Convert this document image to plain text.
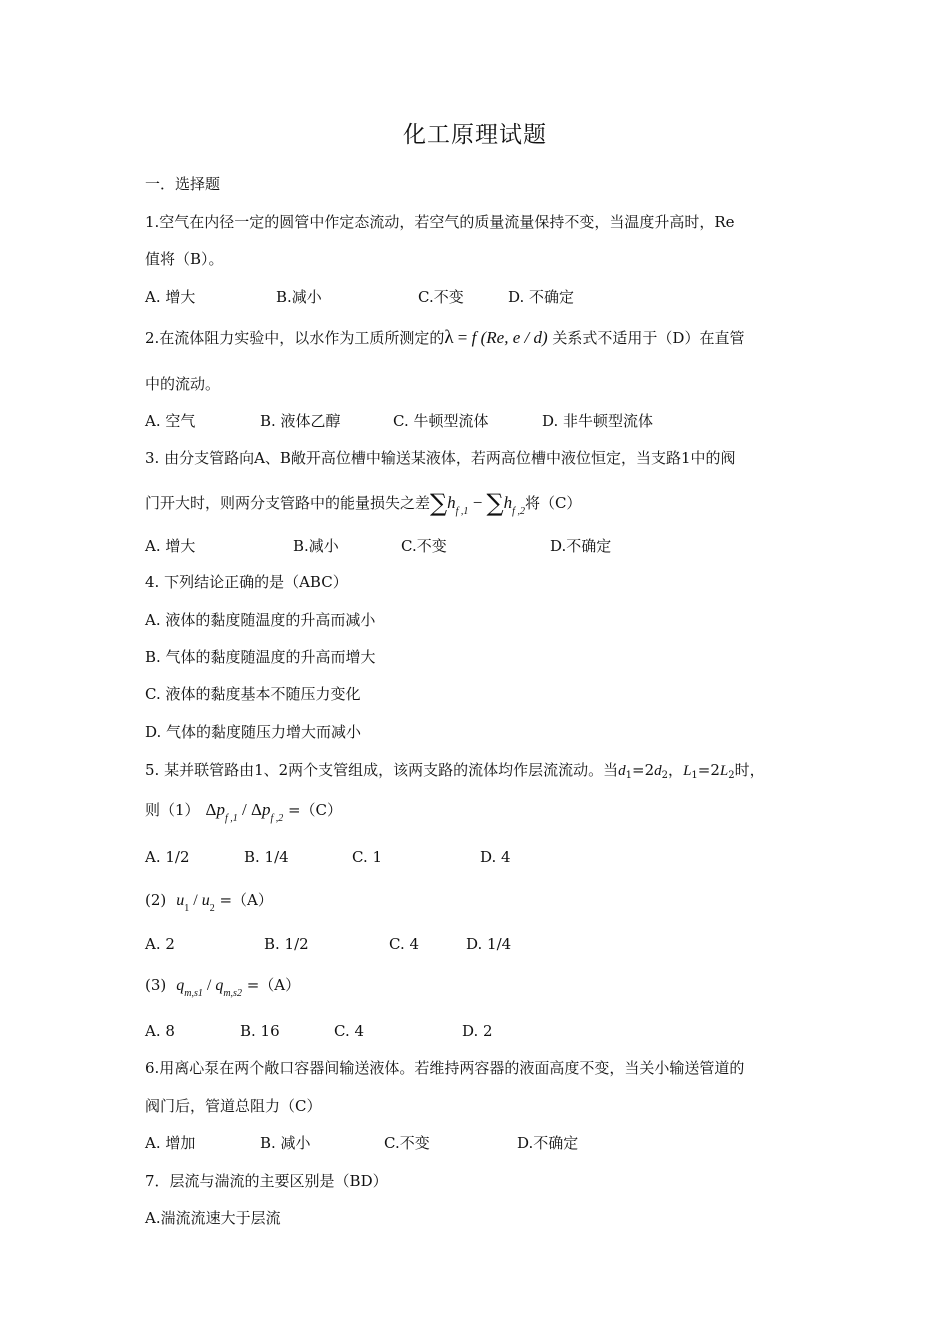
化工原理试题
一．选择题
1.空气在内径一定的圆管中作定态流动，若空气的质量流量保持不变，当温度升高时，Re
值将（B）。
A. 增大	B.减小	C.不变	D. 不确定
2.在流体阻力实验中，以水作为工质所测定的λ = f (Re, e / d) 关系式不适用于（D）在直管
中的流动。
A. 空气	B. 液体乙醇	C. 牛顿型流体	D. 非牛顿型流体
3. 由分支管路向A、B敞开高位槽中输送某液体，若两高位槽中液位恒定，当支路1中的阀
门开大时，则两分支管路中的能量损失之差$\sum h_{f ,1} - \sum h_{f ,2}$将（C）
A. 增大	B.减小	C.不变	D.不确定
4. 下列结论正确的是（ABC）
A. 液体的黏度随温度的升高而减小
B. 气体的黏度随温度的升高而增大
C. 液体的黏度基本不随压力变化
D. 气体的黏度随压力增大而减小
5. 某并联管路由1、2两个支管组成，该两支路的流体均作层流流动。当$d_1=2d_2$，$L_1=2L_2$时，
则（1） $\Delta p_{f ,1} / \Delta p_{f ,2} =(C)$
A. 1/2	B. 1/4	C. 1	D. 4
(2) $u_1 / u_2 =(A)$
A. 2	B. 1/2	C. 4	D. 1/4
(3) $q_{m,s1} / q_{m,s2} =(A)$
A. 8	B. 16	C. 4	D. 2
6.用离心泵在两个敞口容器间输送液体。若维持两容器的液面高度不变，当关小输送管道的
阀门后，管道总阻力（C）
A. 增加	B. 减小	C.不变	D.不确定
7．层流与湍流的主要区别是（BD）
A.湍流流速大于层流
